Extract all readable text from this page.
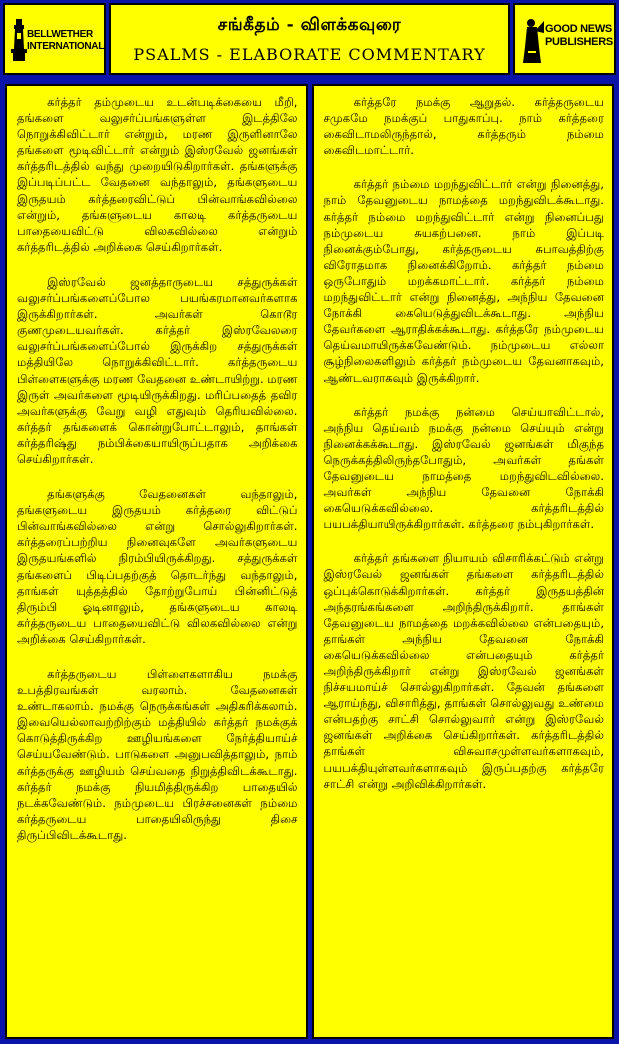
BELLWETHER
INTERNATIONAL
சங்கீதம் - விளக்கவுரை
PSALMS - ELABORATE COMMENTARY
GOOD NEWS
PUBLISHERS

கர்த்தர் தம்முடைய உடன்படிக்கையை மீறி, தங்களை வலுசர்ப்பங்களுள்ள இடத்திலே நொறுக்கிவிட்டார் என்றும், மரண இருளினாலே தங்களை மூடிவிட்டார் என்றும் இஸ்ரவேல் ஜனங்கள் கர்த்தரிடத்தில் வந்து முறையிடுகிறார்கள். தங்களுக்கு இப்படிப்பட்ட வேதனை வந்தாலும், தங்களுடைய இருதயம் கர்த்தரைவிட்டுப் பின்வாங்கவில்லை என்றும், தங்களுடைய காலடி கர்த்தருடைய பாதையைவிட்டு விலகவில்லை என்றும் கர்த்தரிடத்தில் அறிக்கை செய்கிறார்கள்.

இஸ்ரவேல் ஜனத்தாருடைய சத்துருக்கள் வலுசர்ப்பங்களைப்போல பயங்கரமானவர்களாக இருக்கிறார்கள். அவர்கள் கொடூர குணமுடையவர்கள். கர்த்தர் இஸ்ரவேலரை வலுசர்ப்பங்களைப்போல் இருக்கிற சத்துருக்கள் மத்தியிலே நொறுக்கிவிட்டார். கர்த்தருடைய பிள்ளைகளுக்கு மரண வேதனை உண்டாயிற்று. மரண இருள் அவர்களை மூடியிருக்கிறது. மரிப்பதைத் தவிர அவர்களுக்கு வேறு வழி எதுவும் தெரியவில்லை. கர்த்தர் தங்களைக் கொன்றுபோட்டாலும், தாங்கள் கர்த்தரிஷ்து நம்பிக்கையாயிருப்பதாக அறிக்கை செய்கிறார்கள்.

தங்களுக்கு வேதனைகள் வந்தாலும், தங்களுடைய இருதயம் கர்த்தரை விட்டுப் பின்வாங்கவில்லை என்று சொல்லுகிறார்கள். கர்த்தரைப்பற்றிய நினைவுகளே அவர்களுடைய இருதயங்களில் நிரம்பியிருக்கிறது. சத்துருக்கள் தங்களைப் பிடிப்பதற்குத் தொடர்ந்து வந்தாலும், தாங்கள் யுத்தத்தில் தோற்றுபோய் பின்னிட்டுத் திரும்பி ஓடினாலும், தங்களுடைய காலடி கர்த்தருடைய பாதையைவிட்டு விலகவில்லை என்று அறிக்கை செய்கிறார்கள்.

கர்த்தருடைய பிள்ளைகளாகிய நமக்கு உபத்திரவங்கள் வரலாம். வேதனைகள் உண்டாகலாம். நமக்கு நெருக்கங்கள் அதிகரிக்கலாம். இவையெல்லாவற்றிற்கும் மத்தியில் கர்த்தர் நமக்குக் கொடுத்திருக்கிற ஊழியங்களை நேர்த்தியாய்ச் செய்யவேண்டும். பாடுகளை அனுபவித்தாலும், நாம் கர்த்தருக்கு ஊழியம் செய்வதை நிறுத்திவிடக்கூடாது. கர்த்தர் நமக்கு நியமித்திருக்கிற பாதையில் நடக்கவேண்டும். நம்முடைய பிரச்சனைகள் நம்மை கர்த்தருடைய பாதையிலிருந்து திசை திருப்பிவிடக்கூடாது.

கர்த்தரே நமக்கு ஆறுதல். கர்த்தருடைய சமுகமே நமக்குப் பாதுகாப்பு. நாம் கர்த்தரை கைவிடாமலிருந்தால், கர்த்தரும் நம்மை கைவிடமாட்டார்.

கர்த்தர் நம்மை மறந்துவிட்டார் என்று நினைத்து, நாம் தேவனுடைய நாமத்தை மறந்துவிடக்கூடாது. கர்த்தர் நம்மை மறந்துவிட்டார் என்று நினைப்பது நம்முடைய சுயகற்பனை. நாம் இப்படி நினைக்கும்போது, கர்த்தருடைய சுபாவத்திற்கு விரோதமாக நினைக்கிறோம். கர்த்தர் நம்மை ஒருபோதும் மறக்கமாட்டார். கர்த்தர் நம்மை மறந்துவிட்டார் என்று நினைத்து, அந்நிய தேவனை நோக்கி கையெடுத்துவிடக்கூடாது. அந்நிய தேவர்களை ஆராதிக்கக்கூடாது. கர்த்தரே நம்முடைய தெய்வமாயிருக்கவேண்டும். நம்முடைய எல்லா சூழ்நிலைகளிலும் கர்த்தர் நம்முடைய தேவனாகவும், ஆண்டவராகவும் இருக்கிறார்.

கர்த்தர் நமக்கு நன்மை செய்யாவிட்டால், அந்நிய தெய்வம் நமக்கு நன்மை செய்யும் என்று நினைக்கக்கூடாது. இஸ்ரவேல் ஜனங்கள் மிகுந்த நெருக்கத்திலிருந்தபோதும், அவர்கள் தங்கள் தேவனுடைய நாமத்தை மறந்துவிடவில்லை. அவர்கள் அந்நிய தேவனை நோக்கி கையெடுக்கவில்லை. கர்த்தரிடத்தில் பயபக்தியாயிருக்கிறார்கள். கர்த்தரை நம்புகிறார்கள்.

கர்த்தர் தங்களை நியாயம் விசாரிக்கட்டும் என்று இஸ்ரவேல் ஜனங்கள் தங்களை கர்த்தரிடத்தில் ஒப்புக்கொடுக்கிறார்கள். கர்த்தர் இருதயத்தின் அந்தரங்கங்களை அறிந்திருக்கிறார். தாங்கள் தேவனுடைய நாமத்தை மறக்கவில்லை என்பதையும், தாங்கள் அந்நிய தேவனை நோக்கி கையெடுக்கவில்லை என்பதையும் கர்த்தர் அறிந்திருக்கிறார் என்று இஸ்ரவேல் ஜனங்கள் நிச்சயமாய்ச் சொல்லுகிறார்கள். தேவன் தங்களை ஆராய்ந்து, விசாரித்து, தாங்கள் சொல்லுவது உண்மை என்பதற்கு சாட்சி சொல்லுவார் என்று இஸ்ரவேல் ஜனங்கள் அறிக்கை செய்கிறார்கள். கர்த்தரிடத்தில் தாங்கள் விசுவாசமுள்ளவர்களாகவும், பயபக்தியுள்ளவர்களாகவும் இருப்பதற்கு கர்த்தரே சாட்சி என்று அறிவிக்கிறார்கள்.
